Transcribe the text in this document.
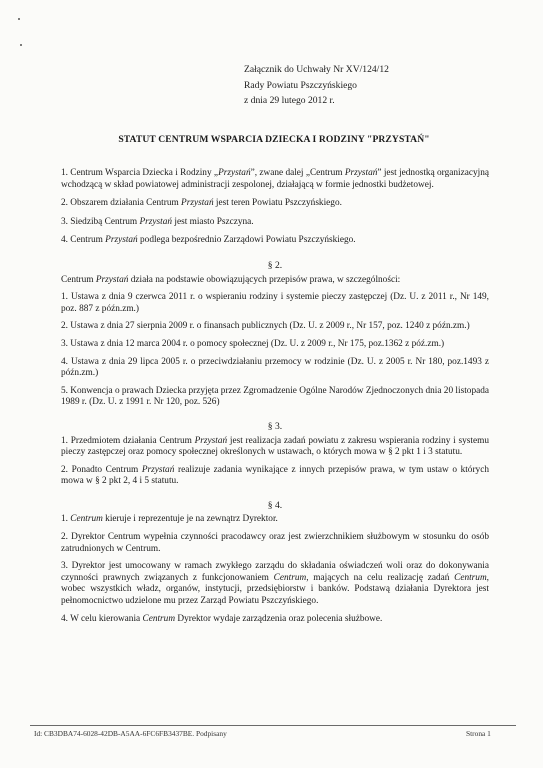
Załącznik do Uchwały Nr XV/124/12
Rady Powiatu Pszczyńskiego
z dnia 29 lutego 2012 r.
STATUT CENTRUM WSPARCIA DZIECKA I RODZINY "PRZYSTAŃ"

1. Centrum Wsparcia Dziecka i Rodziny „Przystań”, zwane dalej „Centrum Przystań” jest jednostką organizacyjną wchodzącą w skład powiatowej administracji zespolonej, działającą w formie jednostki budżetowej.

2. Obszarem działania Centrum Przystań jest teren Powiatu Pszczyńskiego.

3. Siedzibą Centrum Przystań jest miasto Pszczyna.

4. Centrum Przystań podlega bezpośrednio Zarządowi Powiatu Pszczyńskiego.

§ 2.

Centrum Przystań działa na podstawie obowiązujących przepisów prawa, w szczególności:

1. Ustawa z dnia 9 czerwca 2011 r. o wspieraniu rodziny i systemie pieczy zastępczej (Dz. U. z 2011 r., Nr 149, poz. 887 z późn.zm.)

2. Ustawa z dnia 27 sierpnia 2009 r. o finansach publicznych (Dz. U. z 2009 r., Nr 157, poz. 1240 z późn.zm.)

3. Ustawa z dnia 12 marca 2004 r. o pomocy społecznej (Dz. U. z 2009 r., Nr 175, poz.1362 z póź.zm.)

4. Ustawa z dnia 29 lipca 2005 r. o przeciwdziałaniu przemocy w rodzinie (Dz. U. z 2005 r. Nr 180, poz.1493 z późn.zm.)

5. Konwencja o prawach Dziecka przyjęta przez Zgromadzenie Ogólne Narodów Zjednoczonych dnia 20 listopada 1989 r. (Dz. U. z 1991 r. Nr 120, poz. 526)

§ 3.

1. Przedmiotem działania Centrum Przystań jest realizacja zadań powiatu z zakresu wspierania rodziny i systemu pieczy zastępczej oraz pomocy społecznej określonych w ustawach, o których mowa w § 2 pkt 1 i 3 statutu.

2. Ponadto Centrum Przystań realizuje zadania wynikające z innych przepisów prawa, w tym ustaw o których mowa w § 2 pkt 2, 4 i 5 statutu.

§ 4.

1. Centrum kieruje i reprezentuje je na zewnątrz Dyrektor.

2. Dyrektor Centrum wypełnia czynności pracodawcy oraz jest zwierzchnikiem służbowym w stosunku do osób zatrudnionych w Centrum.

3. Dyrektor jest umocowany w ramach zwykłego zarządu do składania oświadczeń woli oraz do dokonywania czynności prawnych związanych z funkcjonowaniem Centrum, mających na celu realizację zadań Centrum, wobec wszystkich władz, organów, instytucji, przedsiębiorstw i banków. Podstawą działania Dyrektora jest pełnomocnictwo udzielone mu przez Zarząd Powiatu Pszczyńskiego.

4. W celu kierowania Centrum Dyrektor wydaje zarządzenia oraz polecenia służbowe.

Id: CB3DBA74-6028-42DB-A5AA-6FC6FB3437BE. Podpisany	Strona 1
